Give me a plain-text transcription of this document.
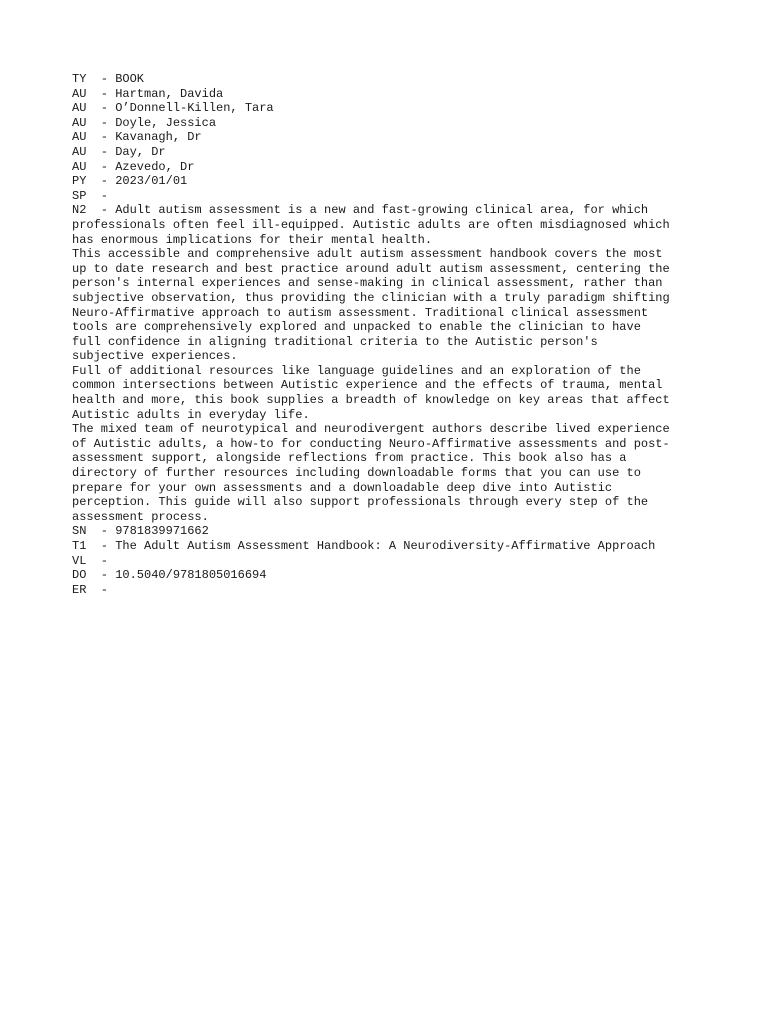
TY  - BOOK
AU  - Hartman, Davida
AU  - O’Donnell-Killen, Tara
AU  - Doyle, Jessica
AU  - Kavanagh, Dr
AU  - Day, Dr
AU  - Azevedo, Dr
PY  - 2023/01/01
SP  -
N2  - Adult autism assessment is a new and fast-growing clinical area, for which
professionals often feel ill-equipped. Autistic adults are often misdiagnosed which
has enormous implications for their mental health.
This accessible and comprehensive adult autism assessment handbook covers the most
up to date research and best practice around adult autism assessment, centering the
person's internal experiences and sense-making in clinical assessment, rather than
subjective observation, thus providing the clinician with a truly paradigm shifting
Neuro-Affirmative approach to autism assessment. Traditional clinical assessment
tools are comprehensively explored and unpacked to enable the clinician to have
full confidence in aligning traditional criteria to the Autistic person's
subjective experiences.
Full of additional resources like language guidelines and an exploration of the
common intersections between Autistic experience and the effects of trauma, mental
health and more, this book supplies a breadth of knowledge on key areas that affect
Autistic adults in everyday life.
The mixed team of neurotypical and neurodivergent authors describe lived experience
of Autistic adults, a how-to for conducting Neuro-Affirmative assessments and post-
assessment support, alongside reflections from practice. This book also has a
directory of further resources including downloadable forms that you can use to
prepare for your own assessments and a downloadable deep dive into Autistic
perception. This guide will also support professionals through every step of the
assessment process.
SN  - 9781839971662
T1  - The Adult Autism Assessment Handbook: A Neurodiversity-Affirmative Approach
VL  -
DO  - 10.5040/9781805016694
ER  -
